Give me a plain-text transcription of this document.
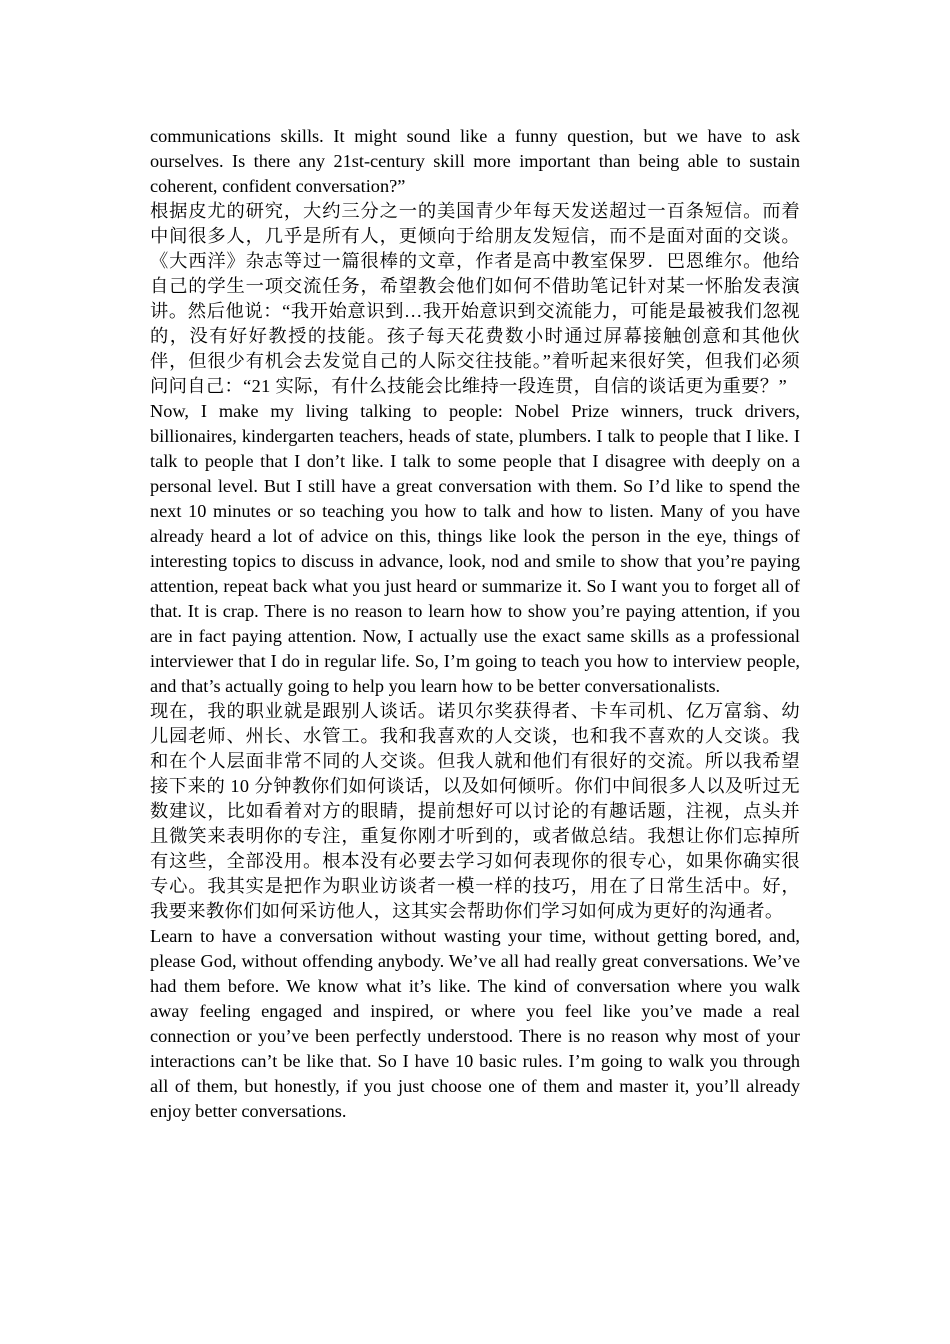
communications skills. It might sound like a funny question, but we have to ask ourselves. Is there any 21st-century skill more important than being able to sustain coherent, confident conversation?”

根据皮尤的研究，大约三分之一的美国青少年每天发送超过一百条短信。而着中间很多人，几乎是所有人，更倾向于给朋友发短信，而不是面对面的交谈。《大西洋》杂志等过一篇很棒的文章，作者是高中教室保罗．巴恩维尔。他给自己的学生一项交流任务，希望教会他们如何不借助笔记针对某一怀胎发表演讲。然后他说：“我开始意识到…我开始意识到交流能力，可能是最被我们忽视的，没有好好教授的技能。孩子每天花费数小时通过屏幕接触创意和其他伙伴，但很少有机会去发觉自己的人际交往技能。”着听起来很好笑，但我们必须问问自己：“21 实际，有什么技能会比维持一段连贯，自信的谈话更为重要？”

Now, I make my living talking to people: Nobel Prize winners, truck drivers, billionaires, kindergarten teachers, heads of state, plumbers. I talk to people that I like. I talk to people that I don’t like. I talk to some people that I disagree with deeply on a personal level. But I still have a great conversation with them. So I’d like to spend the next 10 minutes or so teaching you how to talk and how to listen. Many of you have already heard a lot of advice on this, things like look the person in the eye, things of interesting topics to discuss in advance, look, nod and smile to show that you’re paying attention, repeat back what you just heard or summarize it. So I want you to forget all of that. It is crap. There is no reason to learn how to show you’re paying attention, if you are in fact paying attention. Now, I actually use the exact same skills as a professional interviewer that I do in regular life. So, I’m going to teach you how to interview people, and that’s actually going to help you learn how to be better conversationalists.

现在，我的职业就是跟别人谈话。诺贝尔奖获得者、卡车司机、亿万富翁、幼儿园老师、州长、水管工。我和我喜欢的人交谈，也和我不喜欢的人交谈。我和在个人层面非常不同的人交谈。但我人就和他们有很好的交流。所以我希望接下来的 10 分钟教你们如何谈话，以及如何倾听。你们中间很多人以及听过无数建议，比如看着对方的眼睛，提前想好可以讨论的有趣话题，注视，点头并且微笑来表明你的专注，重复你刚才听到的，或者做总结。我想让你们忘掉所有这些，全部没用。根本没有必要去学习如何表现你的很专心，如果你确实很专心。我其实是把作为职业访谈者一模一样的技巧，用在了日常生活中。好，我要来教你们如何采访他人，这其实会帮助你们学习如何成为更好的沟通者。

Learn to have a conversation without wasting your time, without getting bored, and, please God, without offending anybody. We’ve all had really great conversations. We’ve had them before. We know what it’s like. The kind of conversation where you walk away feeling engaged and inspired, or where you feel like you’ve made a real connection or you’ve been perfectly understood. There is no reason why most of your interactions can’t be like that. So I have 10 basic rules. I’m going to walk you through all of them, but honestly, if you just choose one of them and master it, you’ll already enjoy better conversations.
